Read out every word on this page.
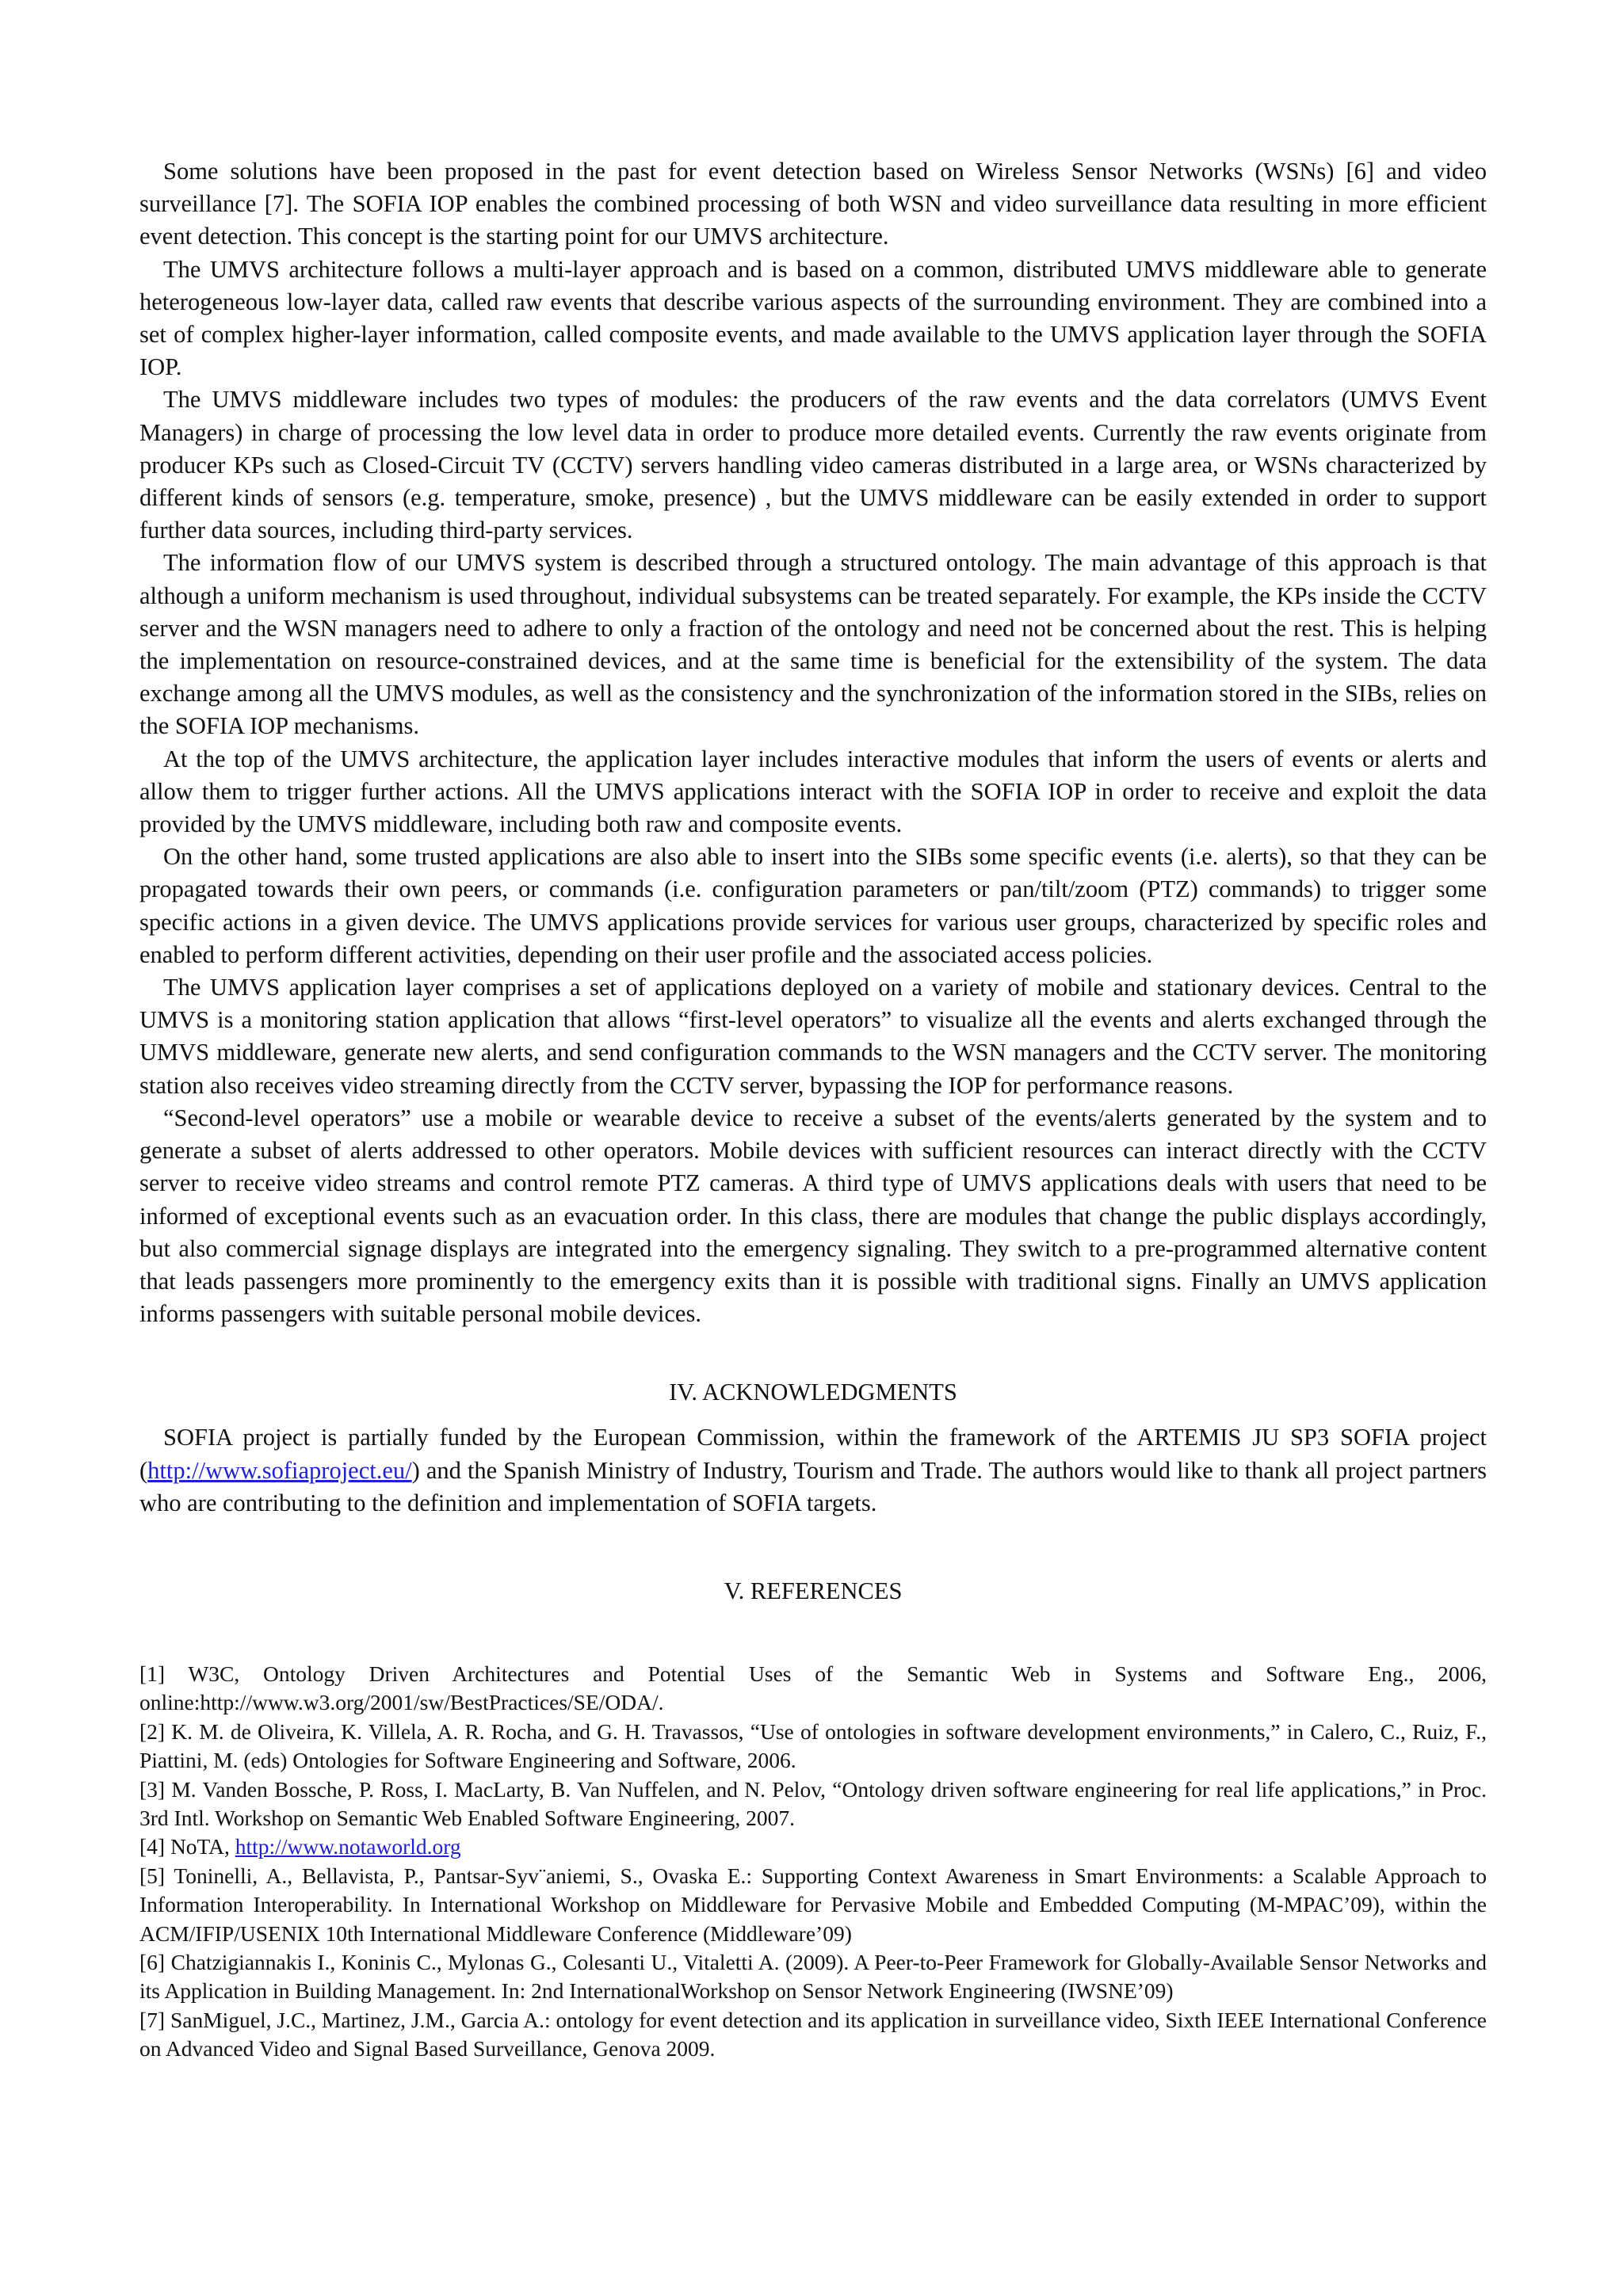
Some solutions have been proposed in the past for event detection based on Wireless Sensor Networks (WSNs) [6] and video surveillance [7]. The SOFIA IOP enables the combined processing of both WSN and video surveillance data resulting in more efficient event detection. This concept is the starting point for our UMVS architecture.

The UMVS architecture follows a multi-layer approach and is based on a common, distributed UMVS middleware able to generate heterogeneous low-layer data, called raw events that describe various aspects of the surrounding environment. They are combined into a set of complex higher-layer information, called composite events, and made available to the UMVS application layer through the SOFIA IOP.

The UMVS middleware includes two types of modules: the producers of the raw events and the data correlators (UMVS Event Managers) in charge of processing the low level data in order to produce more detailed events. Currently the raw events originate from producer KPs such as Closed-Circuit TV (CCTV) servers handling video cameras distributed in a large area, or WSNs characterized by different kinds of sensors (e.g. temperature, smoke, presence) , but the UMVS middleware can be easily extended in order to support further data sources, including third-party services.

The information flow of our UMVS system is described through a structured ontology. The main advantage of this approach is that although a uniform mechanism is used throughout, individual subsystems can be treated separately. For example, the KPs inside the CCTV server and the WSN managers need to adhere to only a fraction of the ontology and need not be concerned about the rest. This is helping the implementation on resource-constrained devices, and at the same time is beneficial for the extensibility of the system. The data exchange among all the UMVS modules, as well as the consistency and the synchronization of the information stored in the SIBs, relies on the SOFIA IOP mechanisms.

At the top of the UMVS architecture, the application layer includes interactive modules that inform the users of events or alerts and allow them to trigger further actions. All the UMVS applications interact with the SOFIA IOP in order to receive and exploit the data provided by the UMVS middleware, including both raw and composite events.

On the other hand, some trusted applications are also able to insert into the SIBs some specific events (i.e. alerts), so that they can be propagated towards their own peers, or commands (i.e. configuration parameters or pan/tilt/zoom (PTZ) commands) to trigger some specific actions in a given device. The UMVS applications provide services for various user groups, characterized by specific roles and enabled to perform different activities, depending on their user profile and the associated access policies.

The UMVS application layer comprises a set of applications deployed on a variety of mobile and stationary devices. Central to the UMVS is a monitoring station application that allows “first-level operators” to visualize all the events and alerts exchanged through the UMVS middleware, generate new alerts, and send configuration commands to the WSN managers and the CCTV server. The monitoring station also receives video streaming directly from the CCTV server, bypassing the IOP for performance reasons.

“Second-level operators” use a mobile or wearable device to receive a subset of the events/alerts generated by the system and to generate a subset of alerts addressed to other operators. Mobile devices with sufficient resources can interact directly with the CCTV server to receive video streams and control remote PTZ cameras. A third type of UMVS applications deals with users that need to be informed of exceptional events such as an evacuation order. In this class, there are modules that change the public displays accordingly, but also commercial signage displays are integrated into the emergency signaling. They switch to a pre-programmed alternative content that leads passengers more prominently to the emergency exits than it is possible with traditional signs. Finally an UMVS application informs passengers with suitable personal mobile devices.

IV. ACKNOWLEDGMENTS

SOFIA project is partially funded by the European Commission, within the framework of the ARTEMIS JU SP3 SOFIA project (http://www.sofiaproject.eu/) and the Spanish Ministry of Industry, Tourism and Trade. The authors would like to thank all project partners who are contributing to the definition and implementation of SOFIA targets.

V. REFERENCES

[1] W3C, Ontology Driven Architectures and Potential Uses of the Semantic Web in Systems and Software Eng., 2006, online:http://www.w3.org/2001/sw/BestPractices/SE/ODA/.

[2] K. M. de Oliveira, K. Villela, A. R. Rocha, and G. H. Travassos, “Use of ontologies in software development environments,” in Calero, C., Ruiz, F., Piattini, M. (eds) Ontologies for Software Engineering and Software, 2006.

[3] M. Vanden Bossche, P. Ross, I. MacLarty, B. Van Nuffelen, and N. Pelov, “Ontology driven software engineering for real life applications,” in Proc. 3rd Intl. Workshop on Semantic Web Enabled Software Engineering, 2007.

[4] NoTA, http://www.notaworld.org

[5] Toninelli, A., Bellavista, P., Pantsar-Syv¨aniemi, S., Ovaska E.: Supporting Context Awareness in Smart Environments: a Scalable Approach to Information Interoperability. In International Workshop on Middleware for Pervasive Mobile and Embedded Computing (M-MPAC’09), within the ACM/IFIP/USENIX 10th International Middleware Conference (Middleware’09)

[6] Chatzigiannakis I., Koninis C., Mylonas G., Colesanti U., Vitaletti A. (2009). A Peer-to-Peer Framework for Globally-Available Sensor Networks and its Application in Building Management. In: 2nd InternationalWorkshop on Sensor Network Engineering (IWSNE’09)

[7] SanMiguel, J.C., Martinez, J.M., Garcia A.: ontology for event detection and its application in surveillance video, Sixth IEEE International Conference on Advanced Video and Signal Based Surveillance, Genova 2009.
